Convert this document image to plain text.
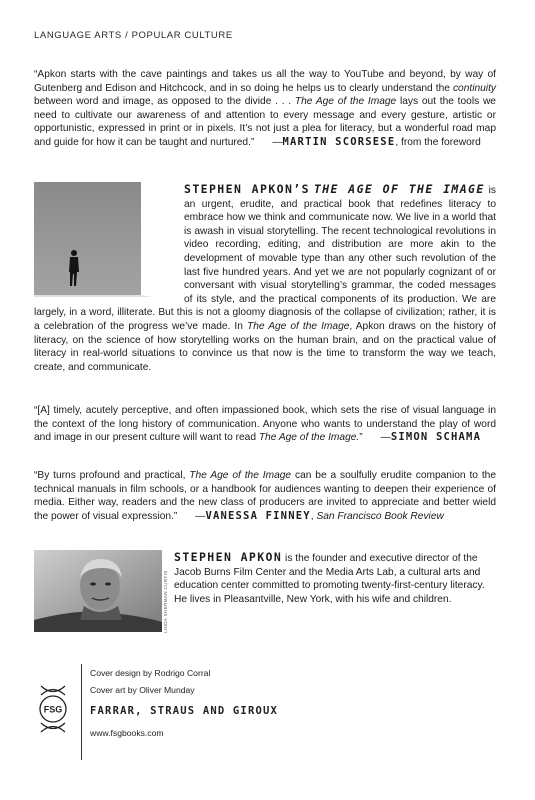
LANGUAGE ARTS / POPULAR CULTURE

“Apkon starts with the cave paintings and takes us all the way to YouTube and beyond, by way of Gutenberg and Edison and Hitchcock, and in so doing he helps us to clearly understand the continuity between word and image, as opposed to the divide . . . The Age of the Image lays out the tools we need to cultivate our awareness of and attention to every message and every gesture, artistic or opportunistic, expressed in print or in pixels. It’s not just a plea for literacy, but a wonderful road map and guide for how it can be taught and nurtured.” —MARTIN SCORSESE, from the foreword

STEPHEN APKON’S THE AGE OF THE IMAGE is an urgent, erudite, and practical book that redefines literacy to embrace how we think and communicate now. We live in a world that is awash in visual storytelling. The recent technological revolutions in video recording, editing, and distribution are more akin to the development of movable type than any other such revolution of the last five hundred years. And yet we are not popularly cognizant of or conversant with visual storytelling’s grammar, the coded messages of its style, and the practical components of its production. We are largely, in a word, illiterate. But this is not a gloomy diagnosis of the collapse of civilization; rather, it is a celebration of the progress we’ve made. In The Age of the Image, Apkon draws on the history of literacy, on the science of how storytelling works on the human brain, and on the practical value of literacy in real-world situations to convince us that now is the time to transform the way we teach, create, and communicate.

“[A] timely, acutely perceptive, and often impassioned book, which sets the rise of visual language in the context of the long history of communication. Anyone who wants to understand the play of word and image in our present culture will want to read The Age of the Image.” —SIMON SCHAMA

“By turns profound and practical, The Age of the Image can be a soulfully erudite companion to the technical manuals in film schools, or a handbook for audiences wanting to deepen their experience of media. Either way, readers and the new class of producers are invited to appreciate and better wield the power of visual expression.” —VANESSA FINNEY, San Francisco Book Review

LINDA SHERMAN CURTIS

STEPHEN APKON is the founder and executive director of the Jacob Burns Film Center and the Media Arts Lab, a cultural arts and education center committed to promoting twenty-first-century literacy. He lives in Pleasantville, New York, with his wife and children.

FSG
Cover design by Rodrigo Corral
Cover art by Oliver Munday
FARRAR, STRAUS AND GIROUX
www.fsgbooks.com
